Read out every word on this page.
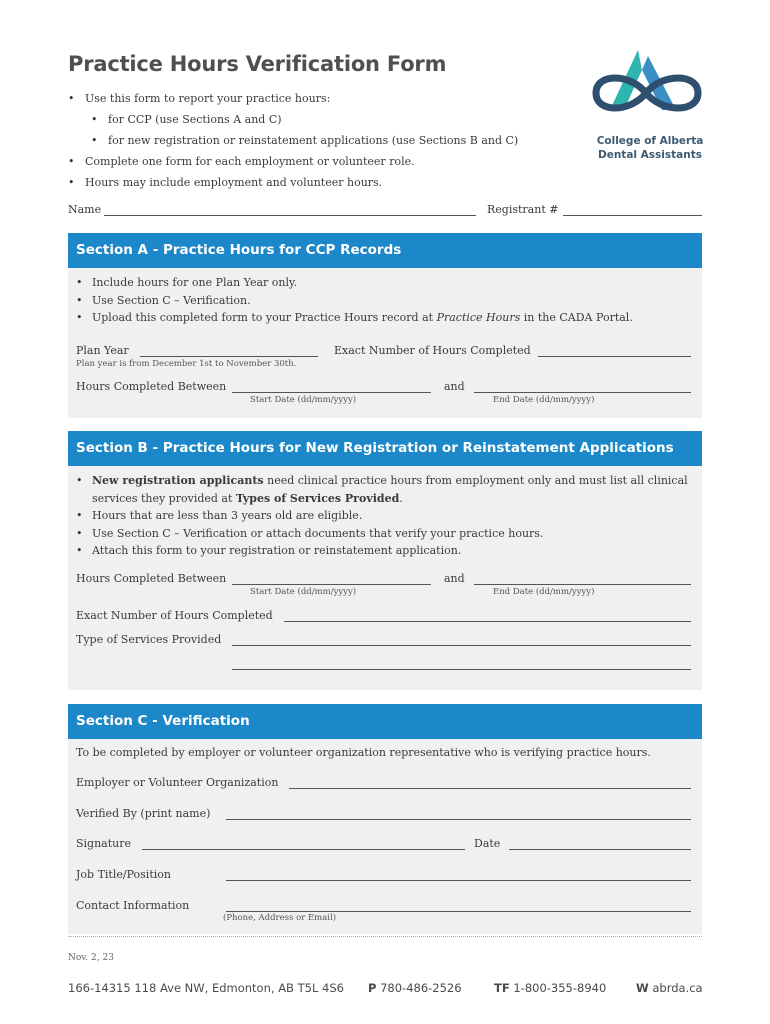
Practice Hours Verification Form
College of Alberta
Dental Assistants
• Use this form to report your practice hours:
• for CCP (use Sections A and C)
• for new registration or reinstatement applications (use Sections B and C)
• Complete one form for each employment or volunteer role.
• Hours may include employment and volunteer hours.
Name	Registrant #
Section A - Practice Hours for CCP Records
• Include hours for one Plan Year only.
• Use Section C – Verification.
• Upload this completed form to your Practice Hours record at Practice Hours in the CADA Portal.
Plan Year
Plan year is from December 1st to November 30th.
Exact Number of Hours Completed
Hours Completed Between
Start Date (dd/mm/yyyy)
and
End Date (dd/mm/yyyy)
Section B - Practice Hours for New Registration or Reinstatement Applications
• New registration applicants need clinical practice hours from employment only and must list all clinical services they provided at Types of Services Provided.
• Hours that are less than 3 years old are eligible.
• Use Section C – Verification or attach documents that verify your practice hours.
• Attach this form to your registration or reinstatement application.
Hours Completed Between
Start Date (dd/mm/yyyy)
and
End Date (dd/mm/yyyy)
Exact Number of Hours Completed
Type of Services Provided
Section C - Verification
To be completed by employer or volunteer organization representative who is verifying practice hours.
Employer or Volunteer Organization
Verified By (print name)
Signature	Date
Job Title/Position
Contact Information
(Phone, Address or Email)
Nov. 2, 23
166-14315 118 Ave NW, Edmonton, AB T5L 4S6 P 780-486-2526	TF 1-800-355-8940	W abrda.ca
